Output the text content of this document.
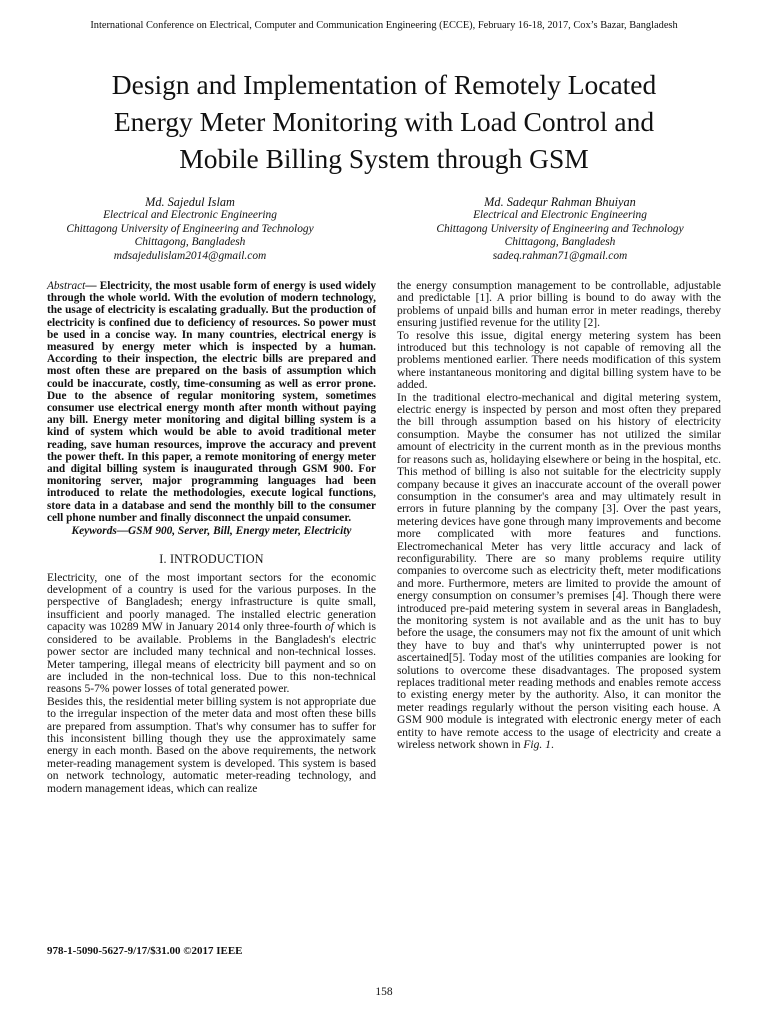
International Conference on Electrical, Computer and Communication Engineering (ECCE), February 16-18, 2017, Cox’s Bazar, Bangladesh
Design and Implementation of Remotely Located
Energy Meter Monitoring with Load Control and
Mobile Billing System through GSM
Md. Sajedul Islam
Electrical and Electronic Engineering
Chittagong University of Engineering and Technology
Chittagong, Bangladesh
mdsajedulislam2014@gmail.com
Md. Sadequr Rahman Bhuiyan
Electrical and Electronic Engineering
Chittagong University of Engineering and Technology
Chittagong, Bangladesh
sadeq.rahman71@gmail.com

Abstract— Electricity, the most usable form of energy is used widely through the whole world. With the evolution of modern technology, the usage of electricity is escalating gradually. But the production of electricity is confined due to deficiency of resources. So power must be used in a concise way. In many countries, electrical energy is measured by energy meter which is inspected by a human. According to their inspection, the electric bills are prepared and most often these are prepared on the basis of assumption which could be inaccurate, costly, time-consuming as well as error prone. Due to the absence of regular monitoring system, sometimes consumer use electrical energy month after month without paying any bill. Energy meter monitoring and digital billing system is a kind of system which would be able to avoid traditional meter reading, save human resources, improve the accuracy and prevent the power theft. In this paper, a remote monitoring of energy meter and digital billing system is inaugurated through GSM 900. For monitoring server, major programming languages had been introduced to relate the methodologies, execute logical functions, store data in a database and send the monthly bill to the consumer cell phone number and finally disconnect the unpaid consumer.

Keywords—GSM 900, Server, Bill, Energy meter, Electricity
I. INTRODUCTION

Electricity, one of the most important sectors for the economic development of a country is used for the various purposes. In the perspective of Bangladesh; energy infrastructure is quite small, insufficient and poorly managed. The installed electric generation capacity was 10289 MW in January 2014 only three-fourth of which is considered to be available. Problems in the Bangladesh's electric power sector are included many technical and non-technical losses. Meter tampering, illegal means of electricity bill payment and so on are included in the non-technical loss. Due to this non-technical reasons 5-7% power losses of total generated power.

Besides this, the residential meter billing system is not appropriate due to the irregular inspection of the meter data and most often these bills are prepared from assumption. That's why consumer has to suffer for this inconsistent billing though they use the approximately same energy in each month. Based on the above requirements, the network meter-reading management system is developed. This system is based on network technology, automatic meter-reading technology, and modern management ideas, which can realize

the energy consumption management to be controllable, adjustable and predictable [1]. A prior billing is bound to do away with the problems of unpaid bills and human error in meter readings, thereby ensuring justified revenue for the utility [2].

To resolve this issue, digital energy metering system has been introduced but this technology is not capable of removing all the problems mentioned earlier. There needs modification of this system where instantaneous monitoring and digital billing system have to be added.

In the traditional electro-mechanical and digital metering system, electric energy is inspected by person and most often they prepared the bill through assumption based on his history of electricity consumption. Maybe the consumer has not utilized the similar amount of electricity in the current month as in the previous months for reasons such as, holidaying elsewhere or being in the hospital, etc. This method of billing is also not suitable for the electricity supply company because it gives an inaccurate account of the overall power consumption in the consumer's area and may ultimately result in errors in future planning by the company [3]. Over the past years, metering devices have gone through many improvements and become more complicated with more features and functions. Electromechanical Meter has very little accuracy and lack of reconfigurability. There are so many problems require utility companies to overcome such as electricity theft, meter modifications and more. Furthermore, meters are limited to provide the amount of energy consumption on consumer’s premises [4]. Though there were introduced pre-paid metering system in several areas in Bangladesh, the monitoring system is not available and as the unit has to buy before the usage, the consumers may not fix the amount of unit which they have to buy and that's why uninterrupted power is not ascertained[5]. Today most of the utilities companies are looking for solutions to overcome these disadvantages. The proposed system replaces traditional meter reading methods and enables remote access to existing energy meter by the authority. Also, it can monitor the meter readings regularly without the person visiting each house. A GSM 900 module is integrated with electronic energy meter of each entity to have remote access to the usage of electricity and create a wireless network shown in Fig. 1.

978-1-5090-5627-9/17/$31.00 ©2017 IEEE
158
